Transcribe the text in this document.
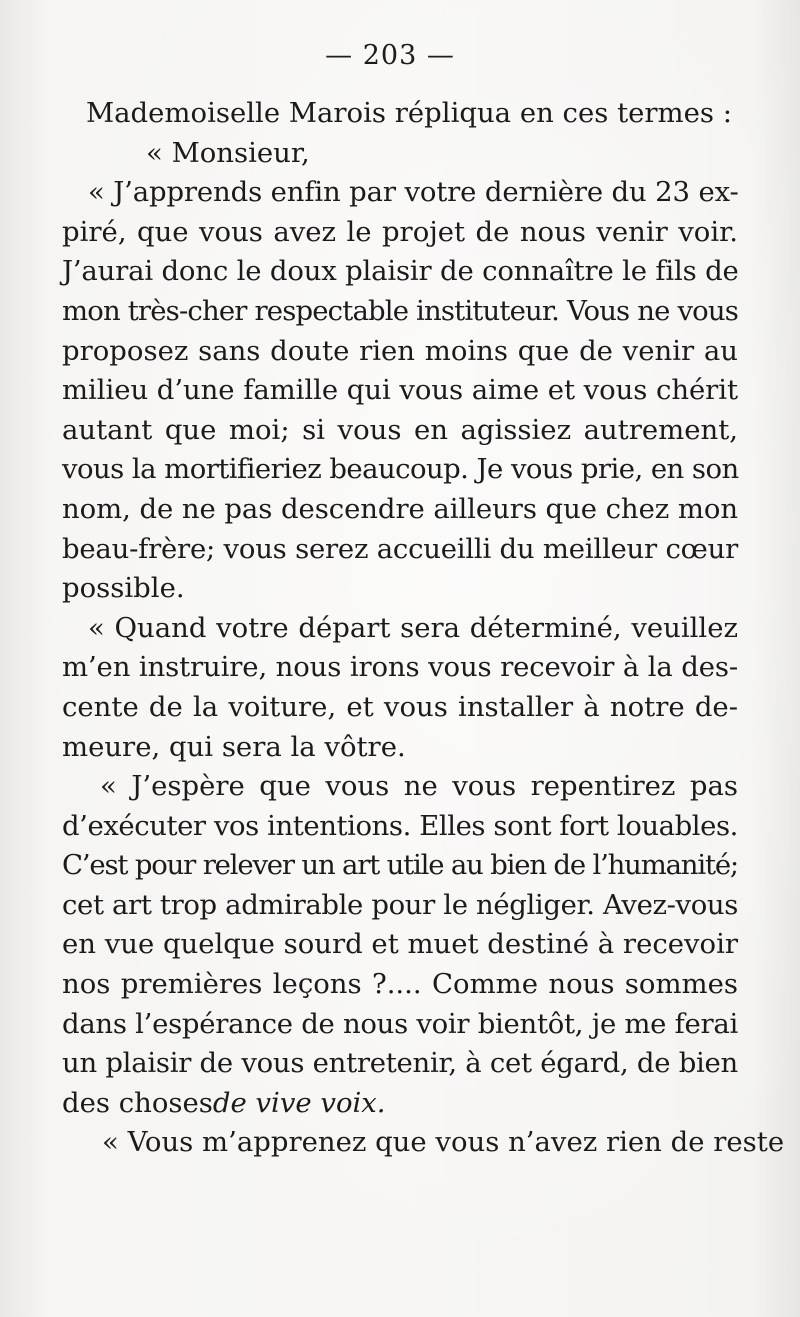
— 203 —
Mademoiselle Marois répliqua en ces termes :
« Monsieur,
« J’apprends enfin par votre dernière du 23 ex-
piré, que vous avez le projet de nous venir voir.
J’aurai donc le doux plaisir de connaître le fils de
mon très-cher respectable instituteur. Vous ne vous
proposez sans doute rien moins que de venir au
milieu d’une famille qui vous aime et vous chérit
autant que moi; si vous en agissiez autrement,
vous la mortifieriez beaucoup. Je vous prie, en son
nom, de ne pas descendre ailleurs que chez mon
beau-frère; vous serez accueilli du meilleur cœur
possible.
« Quand votre départ sera déterminé, veuillez
m’en instruire, nous irons vous recevoir à la des-
cente de la voiture, et vous installer à notre de-
meure, qui sera la vôtre.
« J’espère que vous ne vous repentirez pas
d’exécuter vos intentions. Elles sont fort louables.
C’est pour relever un art utile au bien de l’humanité;
cet art trop admirable pour le négliger. Avez-vous
en vue quelque sourd et muet destiné à recevoir
nos premières leçons ?.... Comme nous sommes
dans l’espérance de nous voir bientôt, je me ferai
un plaisir de vous entretenir, à cet égard, de bien
des choses de vive voix.
« Vous m’apprenez que vous n’avez rien de reste
